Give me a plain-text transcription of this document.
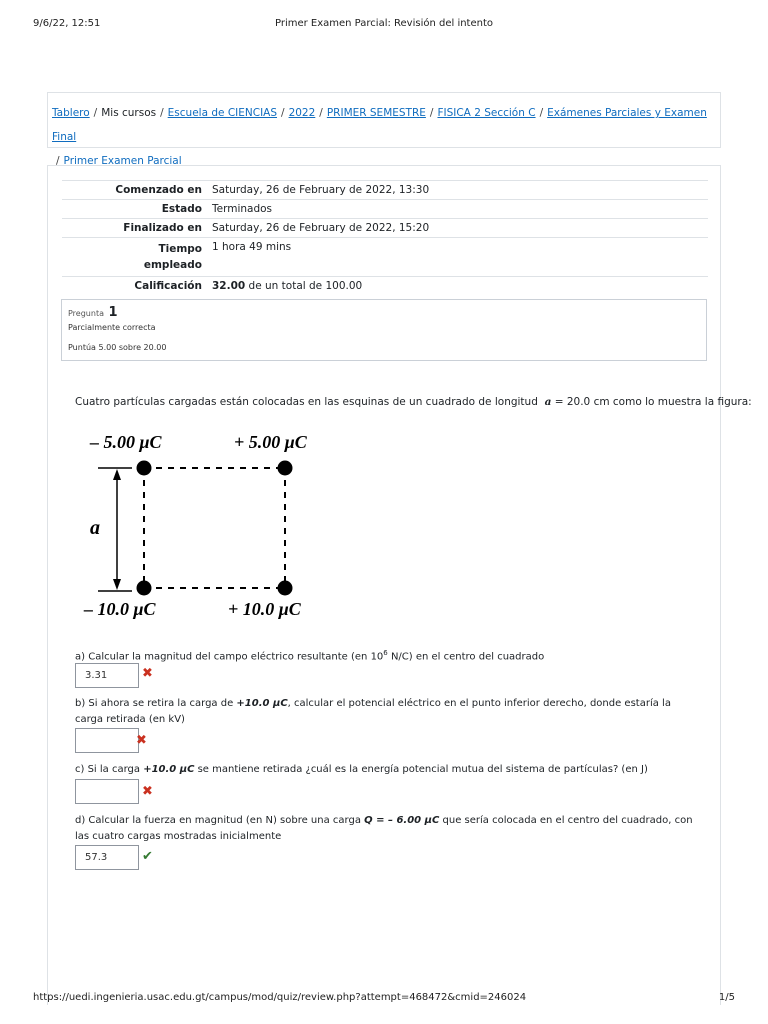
9/6/22, 12:51	Primer Examen Parcial: Revisión del intento
Tablero / Mis cursos / Escuela de CIENCIAS / 2022 / PRIMER SEMESTRE / FISICA 2 Sección C / Exámenes Parciales y Examen Final
/ Primer Examen Parcial
Comenzado en	Saturday, 26 de February de 2022, 13:30
Estado	Terminados
Finalizado en	Saturday, 26 de February de 2022, 15:20
Tiempo empleado	1 hora 49 mins
Calificación	32.00 de un total de 100.00
Pregunta 1
Parcialmente correcta
Puntúa 5.00 sobre 20.00
Cuatro partículas cargadas están colocadas en las esquinas de un cuadrado de longitud a = 20.0 cm como lo muestra la figura:
– 5.00 μC	+ 5.00 μC
– 10.0 μC	+ 10.0 μC
a
a) Calcular la magnitud del campo eléctrico resultante (en $10^6$ N/C) en el centro del cuadrado
3.31	✖
b) Si ahora se retira la carga de +10.0 μC, calcular el potencial eléctrico en el punto inferior derecho, donde estaría la carga retirada (en kV)
✖
c) Si la carga +10.0 μC se mantiene retirada ¿cuál es la energía potencial mutua del sistema de partículas? (en J)
✖
d) Calcular la fuerza en magnitud (en N) sobre una carga Q = – 6.00 μC que sería colocada en el centro del cuadrado, con las cuatro cargas mostradas inicialmente
57.3	✔
https://uedi.ingenieria.usac.edu.gt/campus/mod/quiz/review.php?attempt=468472&cmid=246024	1/5
